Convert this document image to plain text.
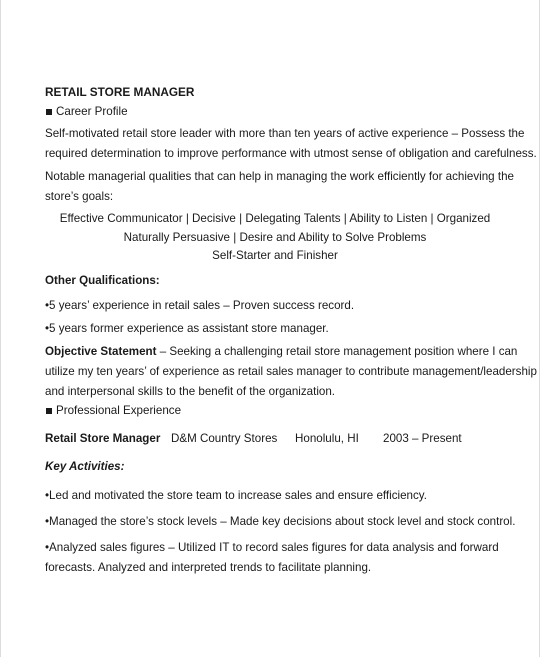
RETAIL STORE MANAGER
Career Profile
Self-motivated retail store leader with more than ten years of active experience – Possess the
required determination to improve performance with utmost sense of obligation and carefulness.
Notable managerial qualities that can help in managing the work efficiently for achieving the
store’s goals:
Effective Communicator | Decisive | Delegating Talents | Ability to Listen | Organized
Naturally Persuasive | Desire and Ability to Solve Problems
Self-Starter and Finisher
Other Qualifications:
•5 years’ experience in retail sales – Proven success record.
•5 years former experience as assistant store manager.
Objective Statement – Seeking a challenging retail store management position where I can
utilize my ten years’ of experience as retail sales manager to contribute management/leadership
and interpersonal skills to the benefit of the organization.
Professional Experience
Retail Store Manager D&M Country Stores	Honolulu, HI	2003 – Present
Key Activities:
•Led and motivated the store team to increase sales and ensure efficiency.
•Managed the store’s stock levels – Made key decisions about stock level and stock control.
•Analyzed sales figures – Utilized IT to record sales figures for data analysis and forward
forecasts. Analyzed and interpreted trends to facilitate planning.
